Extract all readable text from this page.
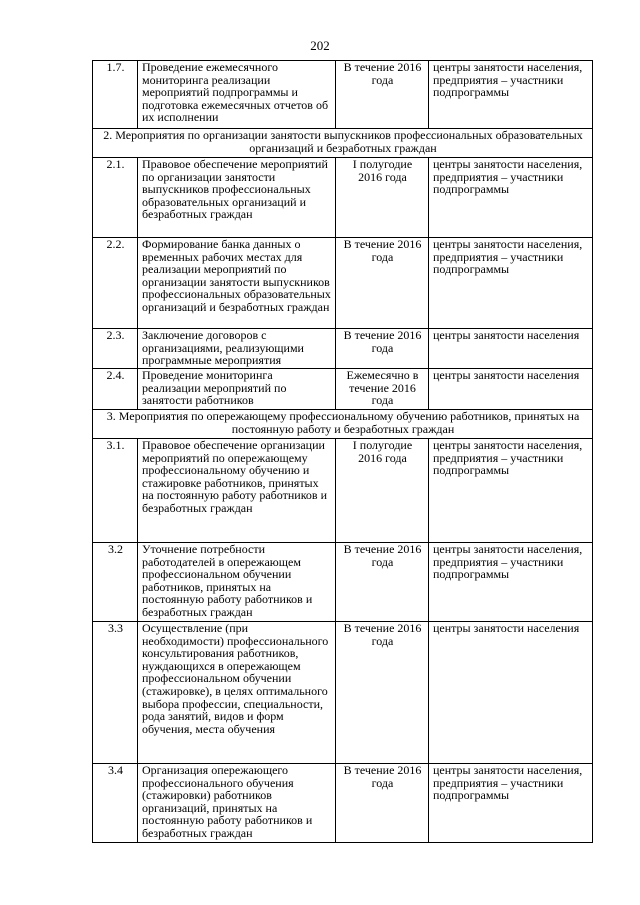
202
1.7.	Проведение ежемесячного мониторинга реализации мероприятий подпрограммы и подготовка ежемесячных отчетов об их исполнении	В течение 2016 года	центры занятости населения, предприятия – участники подпрограммы
2. Мероприятия по организации занятости выпускников профессиональных образовательных организаций и безработных граждан			
2.1.	Правовое обеспечение мероприятий по организации занятости выпускников профессиональных образовательных организаций и безработных граждан	I полугодие 2016 года	центры занятости населения, предприятия – участники подпрограммы
2.2.	Формирование банка данных о временных рабочих местах для реализации мероприятий по организации занятости выпускников профессиональных образовательных организаций и безработных граждан	В течение 2016 года	центры занятости населения, предприятия – участники подпрограммы
2.3.	Заключение договоров с организациями, реализующими программные мероприятия	В течение 2016 года	центры занятости населения
2.4.	Проведение мониторинга реализации мероприятий по занятости работников	Ежемесячно в течение 2016 года	центры занятости населения
3. Мероприятия по опережающему профессиональному обучению работников, принятых на постоянную работу и безработных граждан			
3.1.	Правовое обеспечение организации мероприятий по опережающему профессиональному обучению и стажировке работников, принятых на постоянную работу работников и безработных граждан	I полугодие 2016 года	центры занятости населения, предприятия – участники подпрограммы
3.2	Уточнение потребности работодателей в опережающем профессиональном обучении работников, принятых на постоянную работу работников и безработных граждан	В течение 2016 года	центры занятости населения, предприятия – участники подпрограммы
3.3	Осуществление (при необходимости) профессионального консультирования работников, нуждающихся в опережающем профессиональном обучении (стажировке), в целях оптимального выбора профессии, специальности, рода занятий, видов и форм обучения, места обучения	В течение 2016 года	центры занятости населения
3.4	Организация опережающего профессионального обучения (стажировки) работников организаций, принятых на постоянную работу работников и безработных граждан	В течение 2016 года	центры занятости населения, предприятия – участники подпрограммы
